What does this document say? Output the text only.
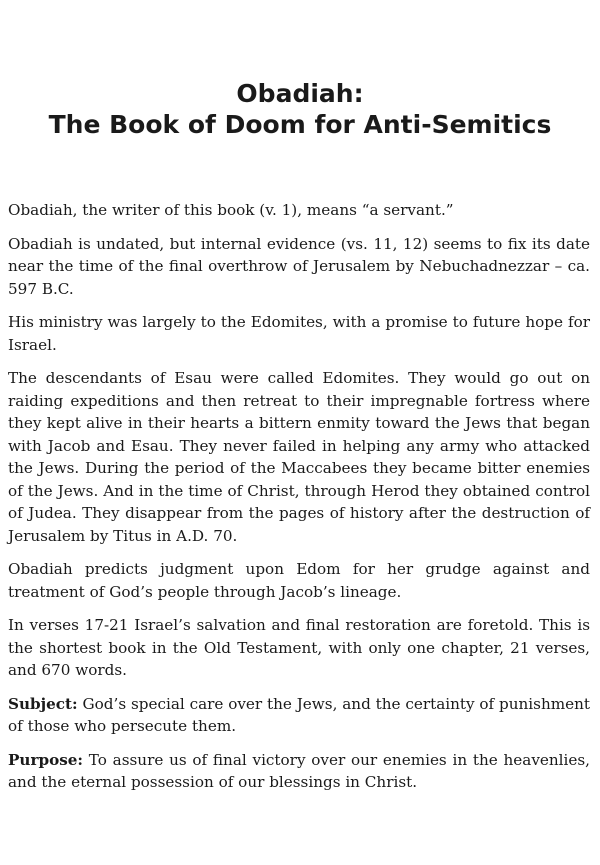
Obadiah:
The Book of Doom for Anti-Semitics

Obadiah, the writer of this book (v. 1), means “a servant.”

Obadiah is undated, but internal evidence (vs. 11, 12) seems to fix its date near the time of the final overthrow of Jerusalem by Nebuchadnezzar – ca. 597 B.C.

His ministry was largely to the Edomites, with a promise to future hope for Israel.

The descendants of Esau were called Edomites. They would go out on raiding expeditions and then retreat to their impregnable fortress where they kept alive in their hearts a bittern enmity toward the Jews that began with Jacob and Esau. They never failed in helping any army who attacked the Jews. During the period of the Maccabees they became bitter enemies of the Jews. And in the time of Christ, through Herod they obtained control of Judea. They disappear from the pages of history after the destruction of Jerusalem by Titus in A.D. 70.

Obadiah predicts judgment upon Edom for her grudge against and treatment of God’s people through Jacob’s lineage.

In verses 17-21 Israel’s salvation and final restoration are foretold. This is the shortest book in the Old Testament, with only one chapter, 21 verses, and 670 words.

Subject: God’s special care over the Jews, and the certainty of punishment of those who persecute them.

Purpose: To assure us of final victory over our enemies in the heavenlies, and the eternal possession of our blessings in Christ.
